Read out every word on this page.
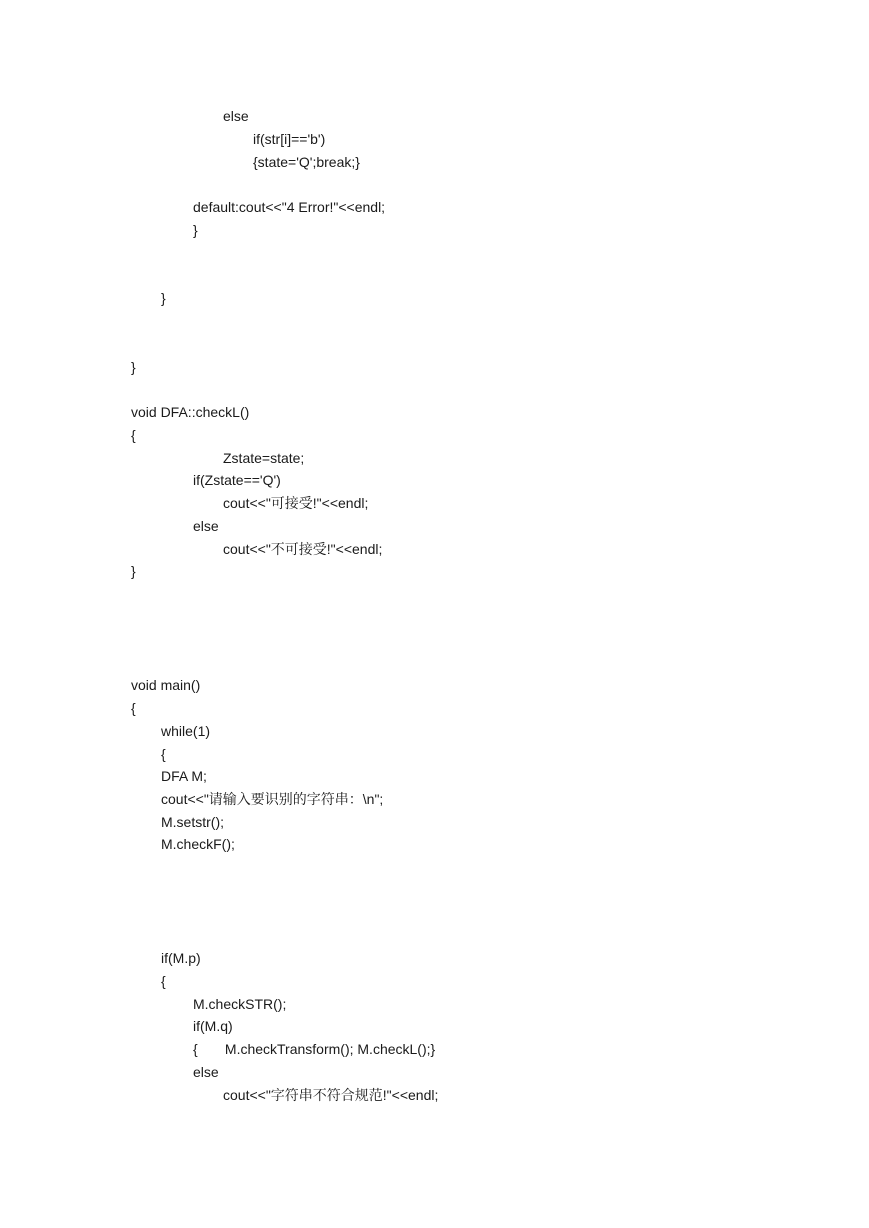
else
if(str[i]=='b')
{state='Q';break;}
default:cout<<"4 Error!"<<endl;
}
}
}
void DFA::checkL()
{
Zstate=state;
if(Zstate=='Q')
cout<<"可接受!"<<endl;
else
cout<<"不可接受!"<<endl;
}
void main()
{
while(1)
{
DFA M;
cout<<"请输入要识别的字符串：\n";
M.setstr();
M.checkF();
if(M.p)
{
M.checkSTR();
if(M.q)
{       M.checkTransform(); M.checkL();}
else
cout<<"字符串不符合规范!"<<endl;
